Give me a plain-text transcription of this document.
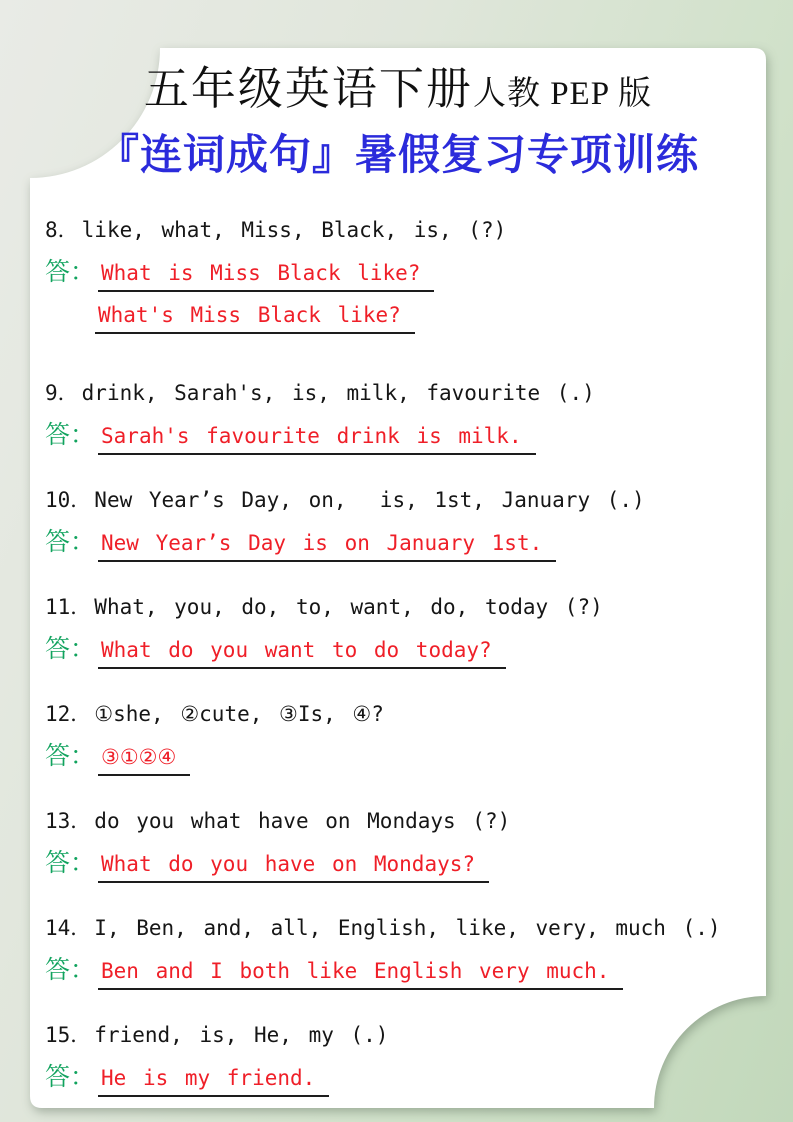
五年级英语下册人教 PEP 版
『连词成句』暑假复习专项训练
8． like, what, Miss, Black, is, (?)
答： What is Miss Black like?
What's Miss Black like?
9． drink, Sarah's, is, milk, favourite (.)
答： Sarah's favourite drink is milk.
10． New Year’s Day, on,  is, 1st, January (.)
答： New Year’s Day is on January 1st.
11． What, you, do, to, want, do, today (?)
答： What do you want to do today?
12． ①she, ②cute, ③Is, ④?
答： ③①②④
13． do you what have on Mondays (?)
答： What do you have on Mondays?
14． I, Ben, and, all, English, like, very, much (.)
答： Ben and I both like English very much.
15． friend, is, He, my (.)
答： He is my friend.
